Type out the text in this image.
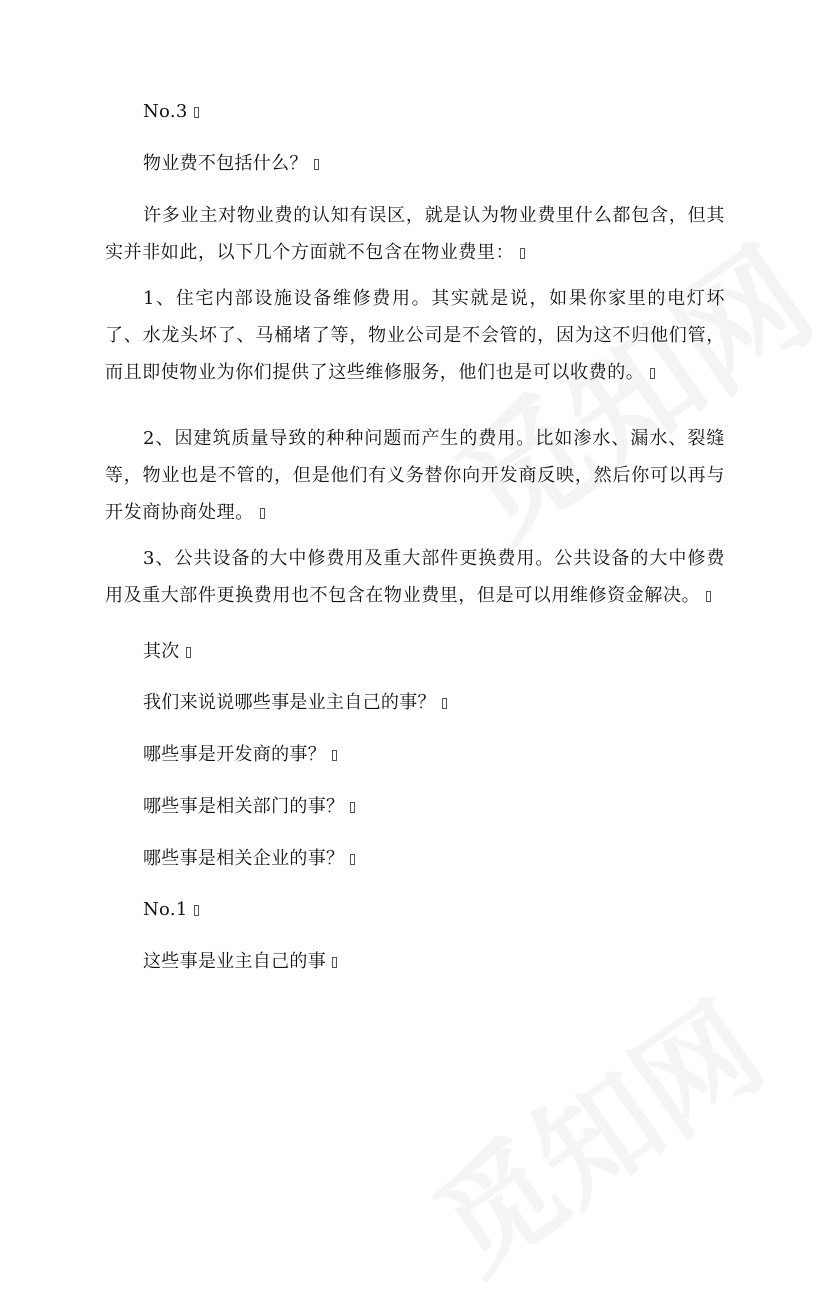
No.3
物业费不包括什么？
许多业主对物业费的认知有误区，就是认为物业费里什么都包含，但其实并非如此，以下几个方面就不包含在物业费里：
1、住宅内部设施设备维修费用。其实就是说，如果你家里的电灯坏了、水龙头坏了、马桶堵了等，物业公司是不会管的，因为这不归他们管，而且即使物业为你们提供了这些维修服务，他们也是可以收费的。
2、因建筑质量导致的种种问题而产生的费用。比如渗水、漏水、裂缝等，物业也是不管的，但是他们有义务替你向开发商反映，然后你可以再与开发商协商处理。
3、公共设备的大中修费用及重大部件更换费用。公共设备的大中修费用及重大部件更换费用也不包含在物业费里，但是可以用维修资金解决。
其次
我们来说说哪些事是业主自己的事？
哪些事是开发商的事？
哪些事是相关部门的事？
哪些事是相关企业的事？
No.1
这些事是业主自己的事
